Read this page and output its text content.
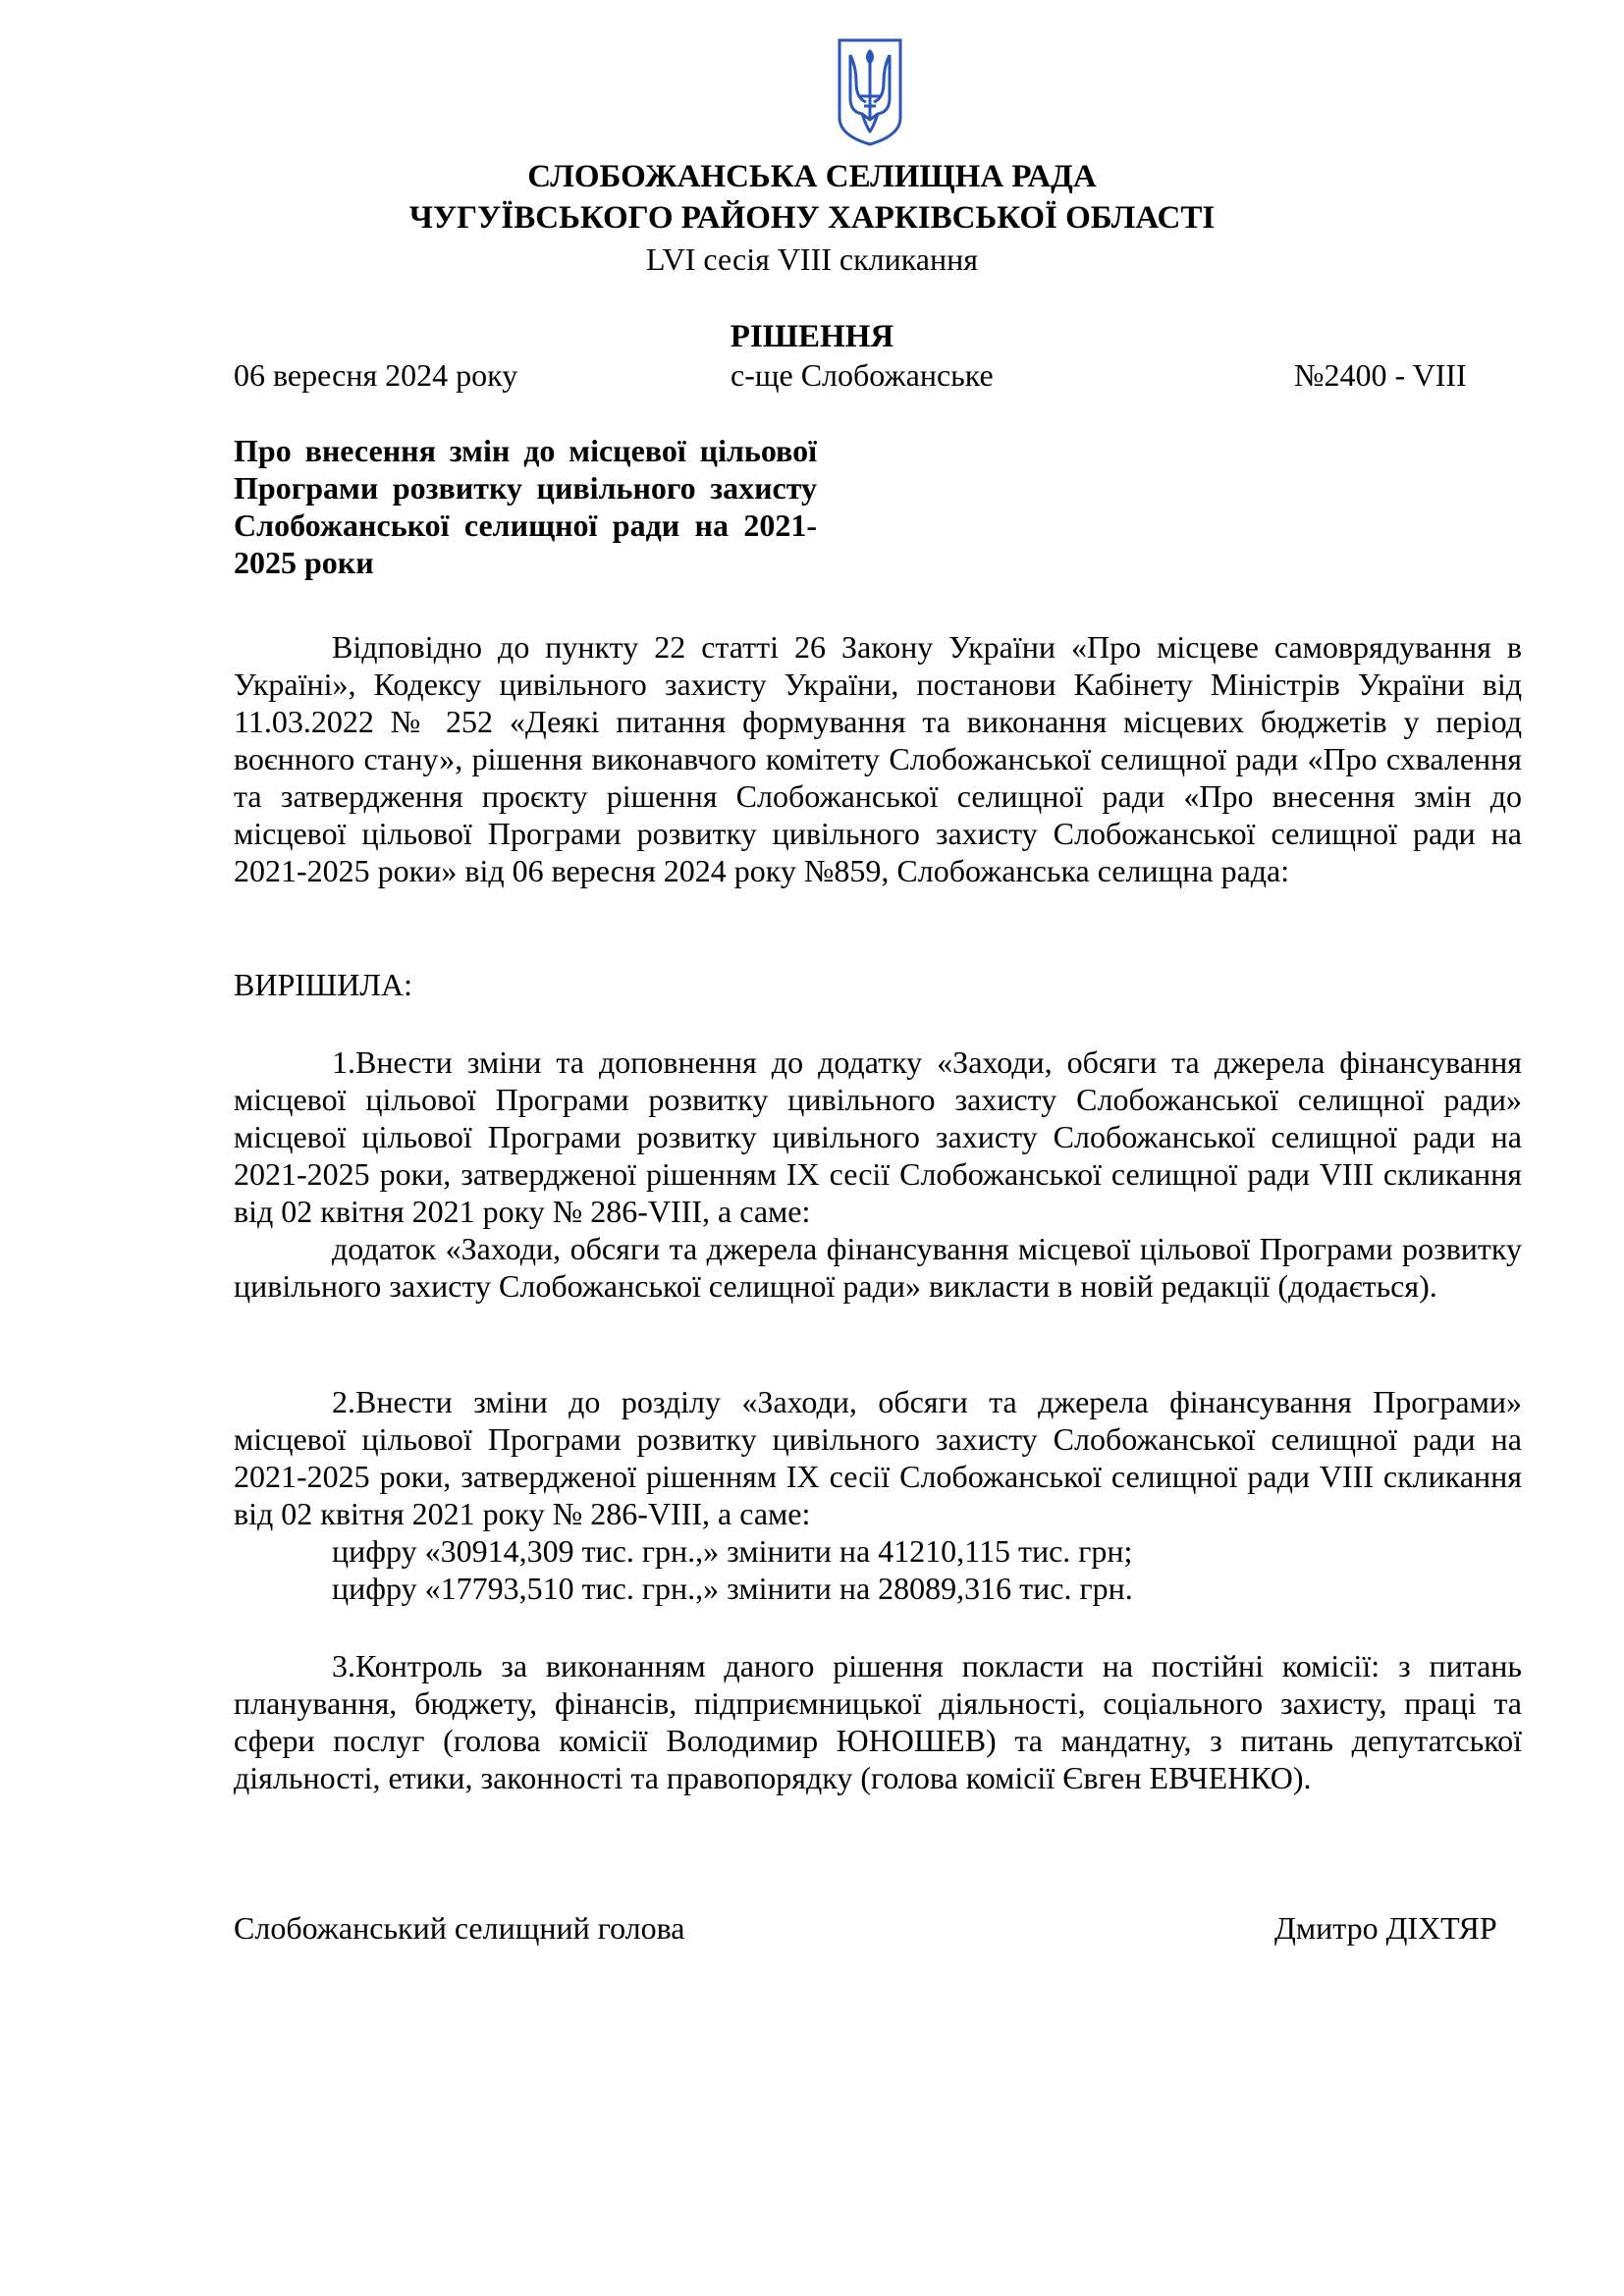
СЛОБОЖАНСЬКА СЕЛИЩНА РАДА
ЧУГУЇВСЬКОГО РАЙОНУ ХАРКІВСЬКОЇ ОБЛАСТІ
LVI сесія VIII скликання
РІШЕННЯ
06 вересня 2024 року	с-ще Слобожанське	№2400 - VIII
Про внесення змін до місцевої цільової Програми розвитку цивільного захисту Слобожанської селищної ради на 2021-2025 роки

Відповідно до пункту 22 статті 26 Закону України «Про місцеве самоврядування в Україні», Кодексу цивільного захисту України, постанови Кабінету Міністрів України від 11.03.2022 № 252 «Деякі питання формування та виконання місцевих бюджетів у період воєнного стану», рішення виконавчого комітету Слобожанської селищної ради «Про схвалення та затвердження проєкту рішення Слобожанської селищної ради «Про внесення змін до місцевої цільової Програми розвитку цивільного захисту Слобожанської селищної ради на 2021-2025 роки» від 06 вересня 2024 року №859, Слобожанська селищна рада:

ВИРІШИЛА:

1.Внести зміни та доповнення до додатку «Заходи, обсяги та джерела фінансування місцевої цільової Програми розвитку цивільного захисту Слобожанської селищної ради» місцевої цільової Програми розвитку цивільного захисту Слобожанської селищної ради на 2021-2025 роки, затвердженої рішенням IX сесії Слобожанської селищної ради VIII скликання від 02 квітня 2021 року № 286-VIII, а саме:

додаток «Заходи, обсяги та джерела фінансування місцевої цільової Програми розвитку цивільного захисту Слобожанської селищної ради» викласти в новій редакції (додається).

2.Внести зміни до розділу «Заходи, обсяги та джерела фінансування Програми» місцевої цільової Програми розвитку цивільного захисту Слобожанської селищної ради на 2021-2025 роки, затвердженої рішенням IX сесії Слобожанської селищної ради VIII скликання від 02 квітня 2021 року № 286-VIII, а саме:

цифру «30914,309 тис. грн.,» змінити на 41210,115 тис. грн;

цифру «17793,510 тис. грн.,» змінити на 28089,316 тис. грн.

3.Контроль за виконанням даного рішення покласти на постійні комісії: з питань планування, бюджету, фінансів, підприємницької діяльності, соціального захисту, праці та сфери послуг (голова комісії Володимир ЮНОШЕВ) та мандатну, з питань депутатської діяльності, етики, законності та правопорядку (голова комісії Євген ЕВЧЕНКО).

Слобожанський селищний голова	Дмитро ДІХТЯР
